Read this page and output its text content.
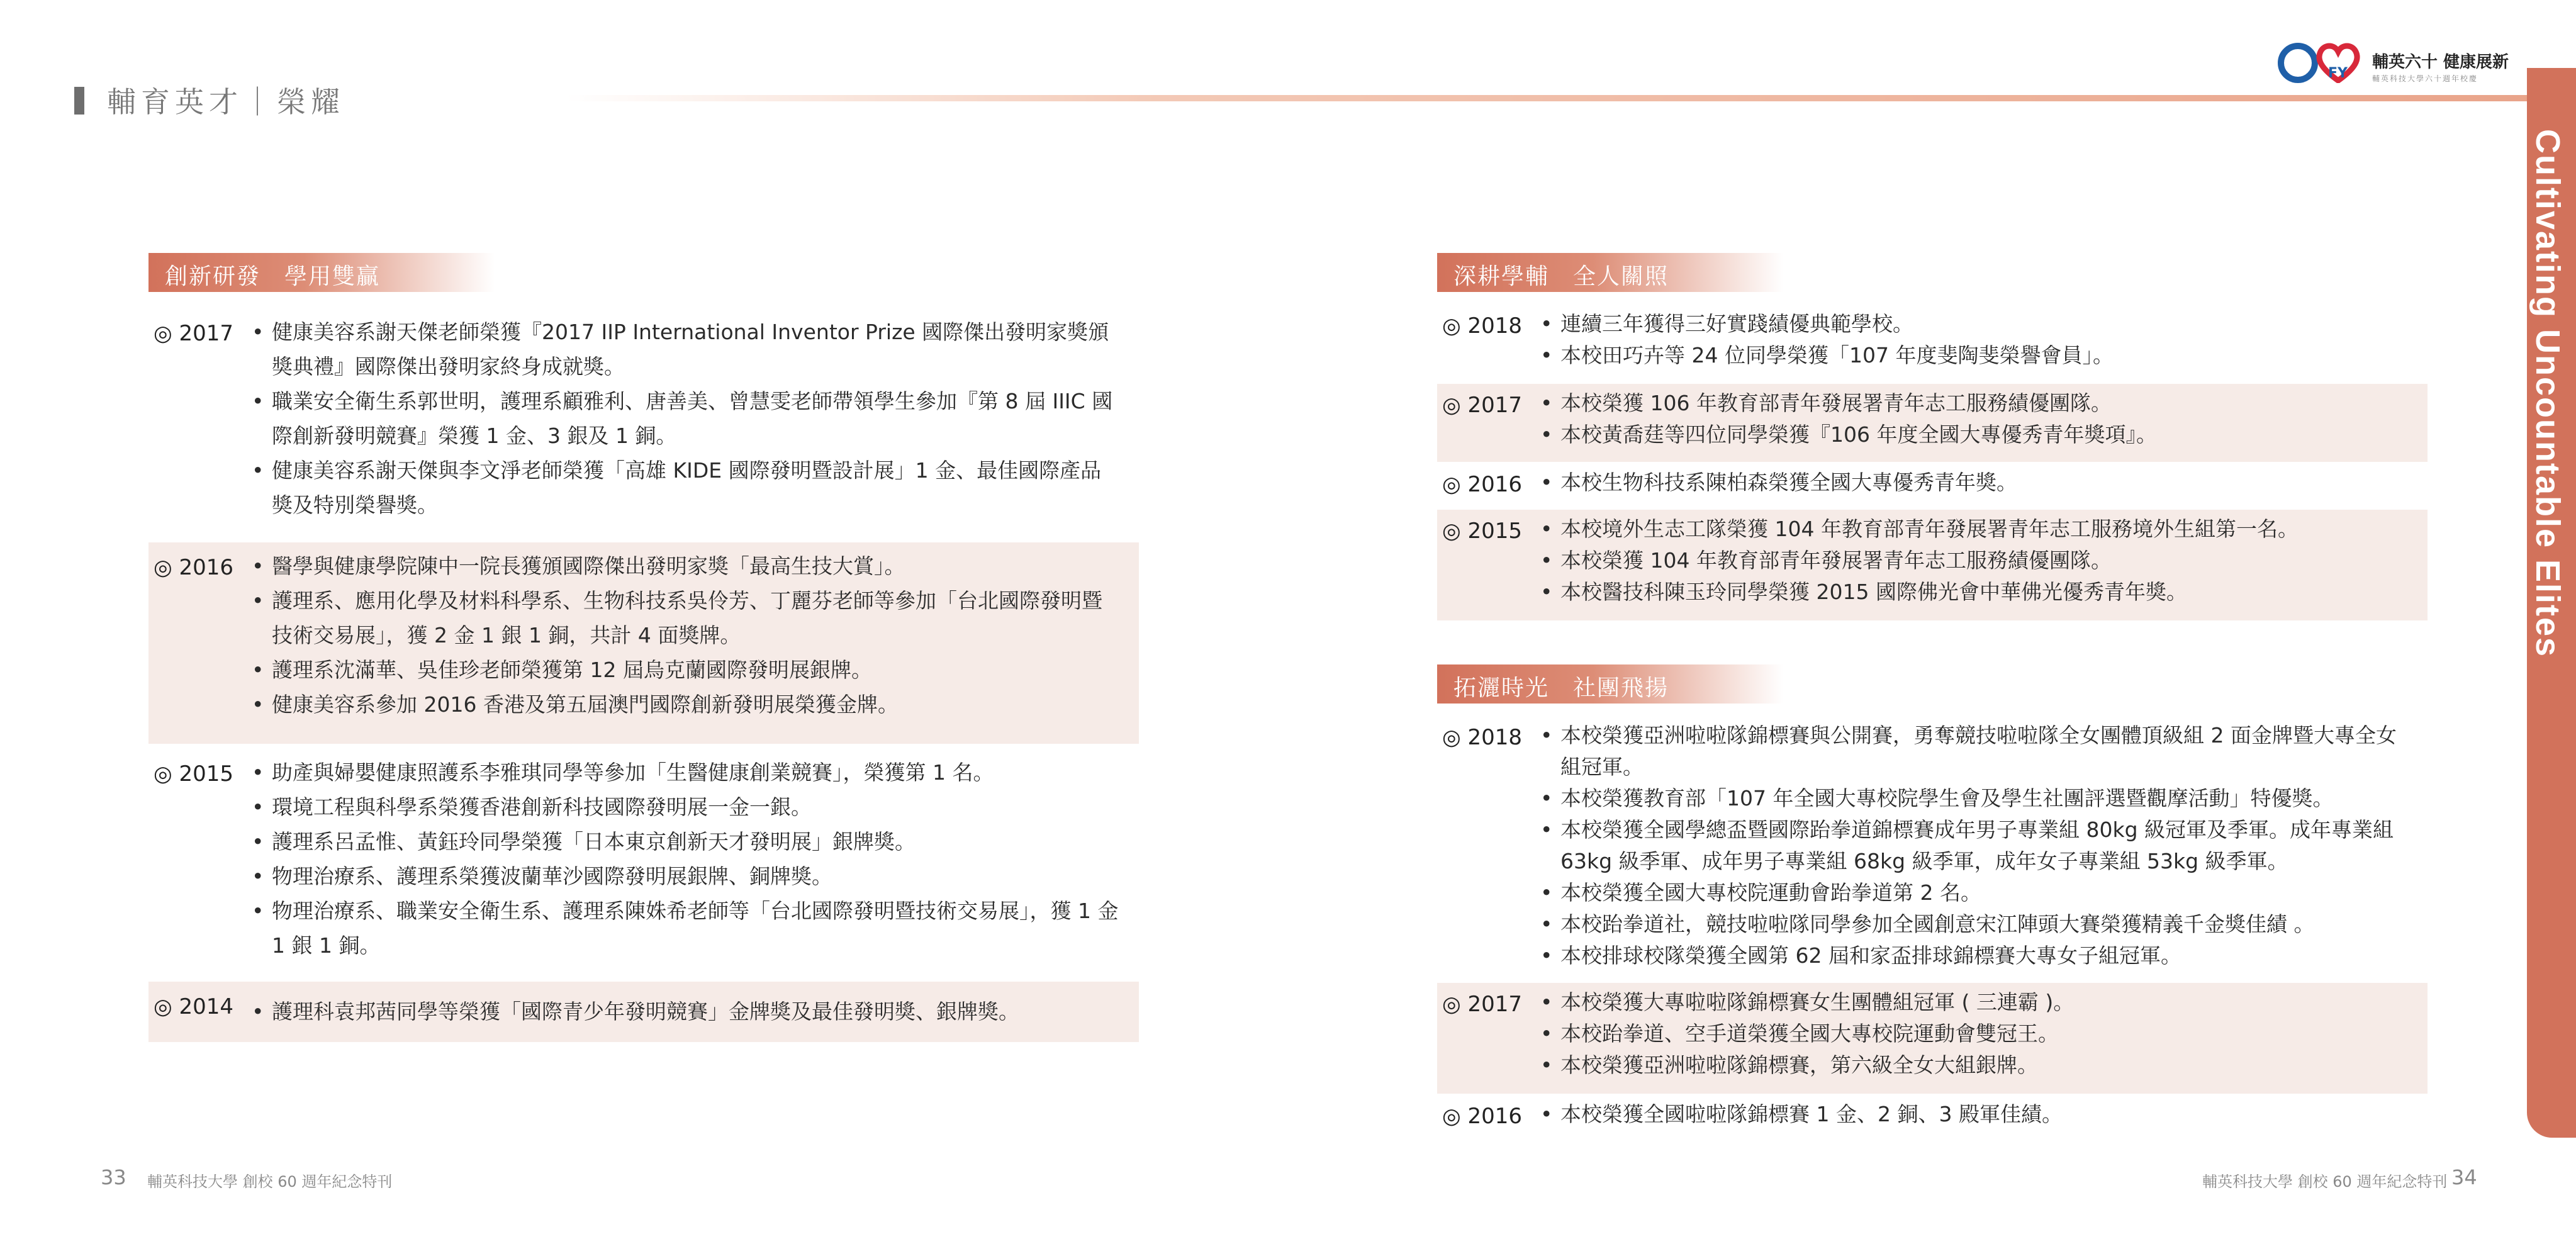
輔育英才｜榮耀
FY
輔英六十 健康展新
輔英科技大學六十週年校慶
Cultivating Uncountable Elites
創新研發　學用雙贏
◎ 2017	• 健康美容系謝天傑老師榮獲『2017 IIP International Inventor Prize 國際傑出發明家獎頒獎典禮』國際傑出發明家終身成就獎。
• 職業安全衛生系郭世明，護理系顧雅利、唐善美、曾慧雯老師帶領學生參加『第 8 屆 IIIC 國際創新發明競賽』榮獲 1 金、3 銀及 1 銅。
• 健康美容系謝天傑與李文淨老師榮獲「高雄 KIDE 國際發明暨設計展」1 金、最佳國際產品獎及特別榮譽獎。
◎ 2016	• 醫學與健康學院陳中一院長獲頒國際傑出發明家獎「最高生技大賞」。
• 護理系、應用化學及材料科學系、生物科技系吳伶芳、丁麗芬老師等參加「台北國際發明暨技術交易展」，獲 2 金 1 銀 1 銅，共計 4 面獎牌。
• 護理系沈滿華、吳佳珍老師榮獲第 12 屆烏克蘭國際發明展銀牌。
• 健康美容系參加 2016 香港及第五屆澳門國際創新發明展榮獲金牌。
◎ 2015	• 助產與婦嬰健康照護系李雅琪同學等參加「生醫健康創業競賽」，榮獲第 1 名。
• 環境工程與科學系榮獲香港創新科技國際發明展一金一銀。
• 護理系呂孟惟、黃鈺玲同學榮獲「日本東京創新天才發明展」銀牌獎。
• 物理治療系、護理系榮獲波蘭華沙國際發明展銀牌、銅牌獎。
• 物理治療系、職業安全衛生系、護理系陳姝希老師等「台北國際發明暨技術交易展」，獲 1 金 1 銀 1 銅。
◎ 2014	• 護理科袁邦茜同學等榮獲「國際青少年發明競賽」金牌獎及最佳發明獎、銀牌獎。
深耕學輔　全人關照
◎ 2018	• 連續三年獲得三好實踐績優典範學校。
• 本校田巧卉等 24 位同學榮獲「107 年度斐陶斐榮譽會員」。
◎ 2017	• 本校榮獲 106 年教育部青年發展署青年志工服務績優團隊。
• 本校黃喬莛等四位同學榮獲『106 年度全國大專優秀青年獎項』。
◎ 2016	• 本校生物科技系陳柏森榮獲全國大專優秀青年獎。
◎ 2015	• 本校境外生志工隊榮獲 104 年教育部青年發展署青年志工服務境外生組第一名。
• 本校榮獲 104 年教育部青年發展署青年志工服務績優團隊。
• 本校醫技科陳玉玲同學榮獲 2015 國際佛光會中華佛光優秀青年獎。
拓灑時光　社團飛揚
◎ 2018	• 本校榮獲亞洲啦啦隊錦標賽與公開賽，勇奪競技啦啦隊全女團體頂級組 2 面金牌暨大專全女組冠軍。
• 本校榮獲教育部「107 年全國大專校院學生會及學生社團評選暨觀摩活動」特優獎。
• 本校榮獲全國學總盃暨國際跆拳道錦標賽成年男子專業組 80kg 級冠軍及季軍。成年專業組 63kg 級季軍、成年男子專業組 68kg 級季軍，成年女子專業組 53kg 級季軍。
• 本校榮獲全國大專校院運動會跆拳道第 2 名。
• 本校跆拳道社，競技啦啦隊同學參加全國創意宋江陣頭大賽榮獲精義千金獎佳績 。
• 本校排球校隊榮獲全國第 62 屆和家盃排球錦標賽大專女子組冠軍。
◎ 2017	• 本校榮獲大專啦啦隊錦標賽女生團體組冠軍 ( 三連霸 )。
• 本校跆拳道、空手道榮獲全國大專校院運動會雙冠王。
• 本校榮獲亞洲啦啦隊錦標賽，第六級全女大組銀牌。
◎ 2016	• 本校榮獲全國啦啦隊錦標賽 1 金、2 銅、3 殿軍佳績。
33 輔英科技大學 創校 60 週年紀念特刊	輔英科技大學 創校 60 週年紀念特刊 34
